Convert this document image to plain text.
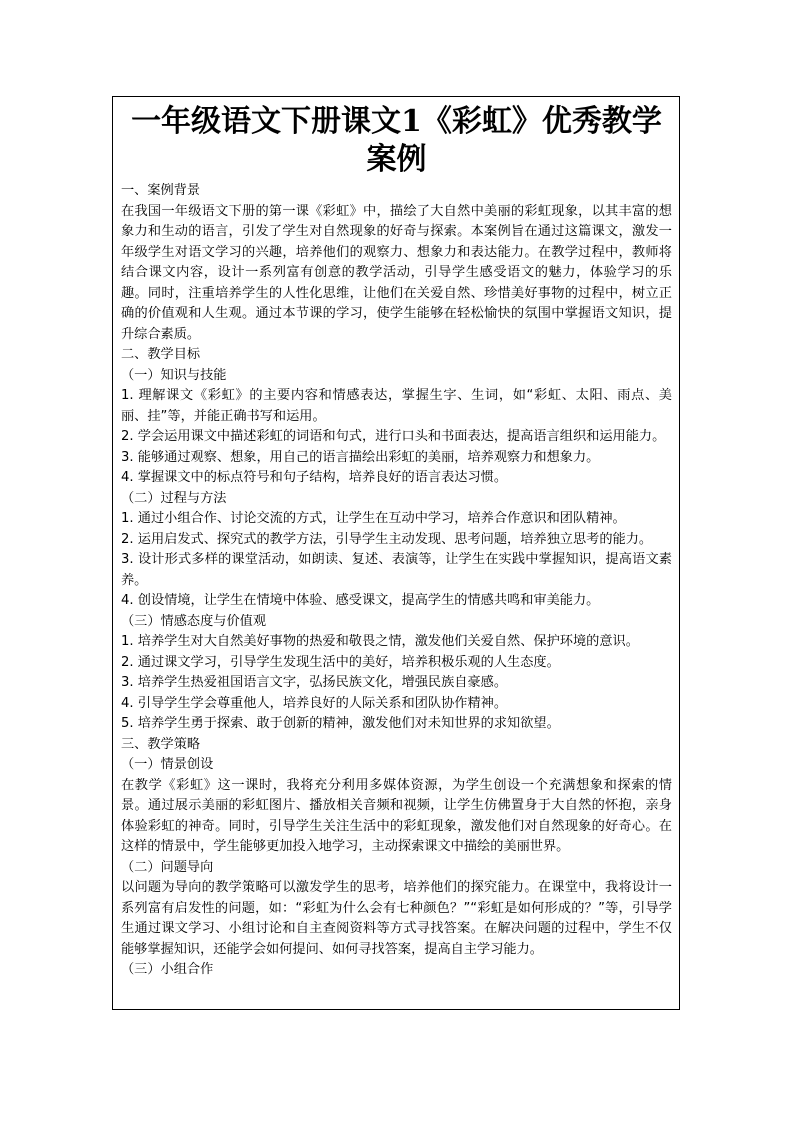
一年级语文下册课文1《彩虹》优秀教学案例

一、案例背景

在我国一年级语文下册的第一课《彩虹》中，描绘了大自然中美丽的彩虹现象，以其丰富的想象力和生动的语言，引发了学生对自然现象的好奇与探索。本案例旨在通过这篇课文，激发一年级学生对语文学习的兴趣，培养他们的观察力、想象力和表达能力。在教学过程中，教师将结合课文内容，设计一系列富有创意的教学活动，引导学生感受语文的魅力，体验学习的乐趣。同时，注重培养学生的人性化思维，让他们在关爱自然、珍惜美好事物的过程中，树立正确的价值观和人生观。通过本节课的学习，使学生能够在轻松愉快的氛围中掌握语文知识，提升综合素质。

二、教学目标

（一）知识与技能

1. 理解课文《彩虹》的主要内容和情感表达，掌握生字、生词，如“彩虹、太阳、雨点、美丽、挂”等，并能正确书写和运用。

2. 学会运用课文中描述彩虹的词语和句式，进行口头和书面表达，提高语言组织和运用能力。

3. 能够通过观察、想象，用自己的语言描绘出彩虹的美丽，培养观察力和想象力。

4. 掌握课文中的标点符号和句子结构，培养良好的语言表达习惯。

（二）过程与方法

1. 通过小组合作、讨论交流的方式，让学生在互动中学习，培养合作意识和团队精神。

2. 运用启发式、探究式的教学方法，引导学生主动发现、思考问题，培养独立思考的能力。

3. 设计形式多样的课堂活动，如朗读、复述、表演等，让学生在实践中掌握知识，提高语文素养。

4. 创设情境，让学生在情境中体验、感受课文，提高学生的情感共鸣和审美能力。

（三）情感态度与价值观

1. 培养学生对大自然美好事物的热爱和敬畏之情，激发他们关爱自然、保护环境的意识。

2. 通过课文学习，引导学生发现生活中的美好，培养积极乐观的人生态度。

3. 培养学生热爱祖国语言文字，弘扬民族文化，增强民族自豪感。

4. 引导学生学会尊重他人，培养良好的人际关系和团队协作精神。

5. 培养学生勇于探索、敢于创新的精神，激发他们对未知世界的求知欲望。

三、教学策略

（一）情景创设

在教学《彩虹》这一课时，我将充分利用多媒体资源，为学生创设一个充满想象和探索的情景。通过展示美丽的彩虹图片、播放相关音频和视频，让学生仿佛置身于大自然的怀抱，亲身体验彩虹的神奇。同时，引导学生关注生活中的彩虹现象，激发他们对自然现象的好奇心。在这样的情景中，学生能够更加投入地学习，主动探索课文中描绘的美丽世界。

（二）问题导向

以问题为导向的教学策略可以激发学生的思考，培养他们的探究能力。在课堂中，我将设计一系列富有启发性的问题，如：“彩虹为什么会有七种颜色？”“彩虹是如何形成的？”等，引导学生通过课文学习、小组讨论和自主查阅资料等方式寻找答案。在解决问题的过程中，学生不仅能够掌握知识，还能学会如何提问、如何寻找答案，提高自主学习能力。

（三）小组合作
